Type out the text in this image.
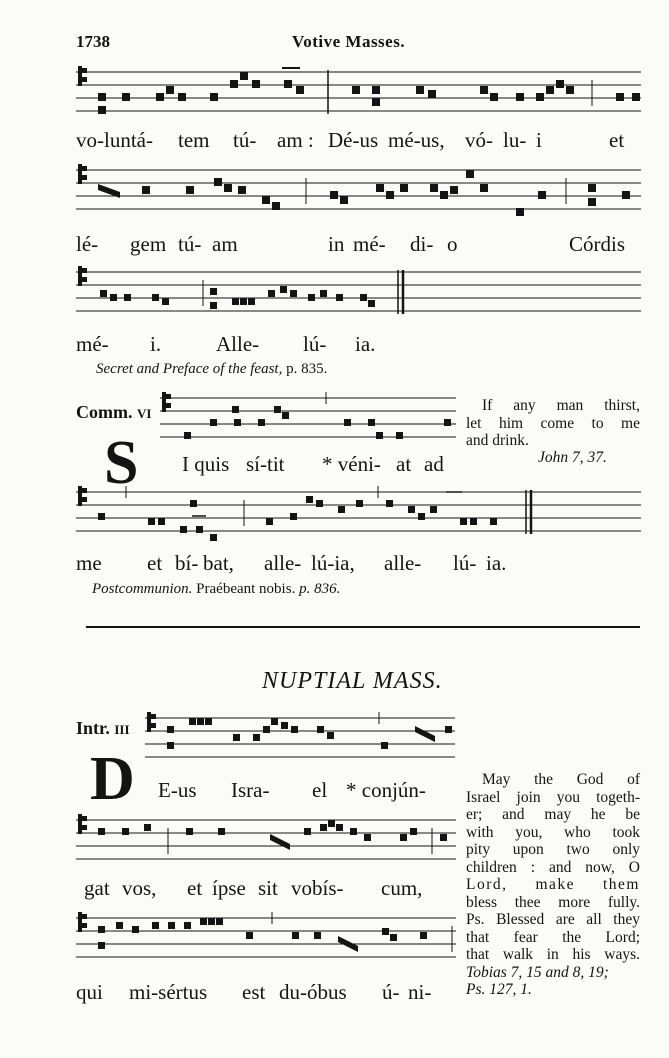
1738	Votive Masses.
vo-luntá- tem tú- am : Dé-us mé-us, vó- lu- i	et
lé- gem tú- am	in mé- di- o	Córdis
mé- i.	Alle- lú- ia.
Secret and Preface of the feast, p. 835.
Comm. VI
S I quis sí-tit * véni- at ad
If any man thirst,
let him come to me
and drink.
John 7, 37.
me et bí- bat, alle- lú-ia, alle- lú- ia.
Postcommunion. Praébeant nobis. p. 836.
NUPTIAL MASS.
Intr. III
D E-us Isra- el * conjún-	May the God of
Israel join you togeth-
er; and may he be
with you, who took
pity upon two only
children : and now, O
Lord, make them
bless thee more fully.
Ps. Blessed are all they
that fear the Lord;
that walk in his ways.
Tobias 7, 15 and 8, 19;
Ps. 127, 1.
gat vos, et ípse sit vobís- cum,
qui mi-sértus est du-óbus ú- ni-
